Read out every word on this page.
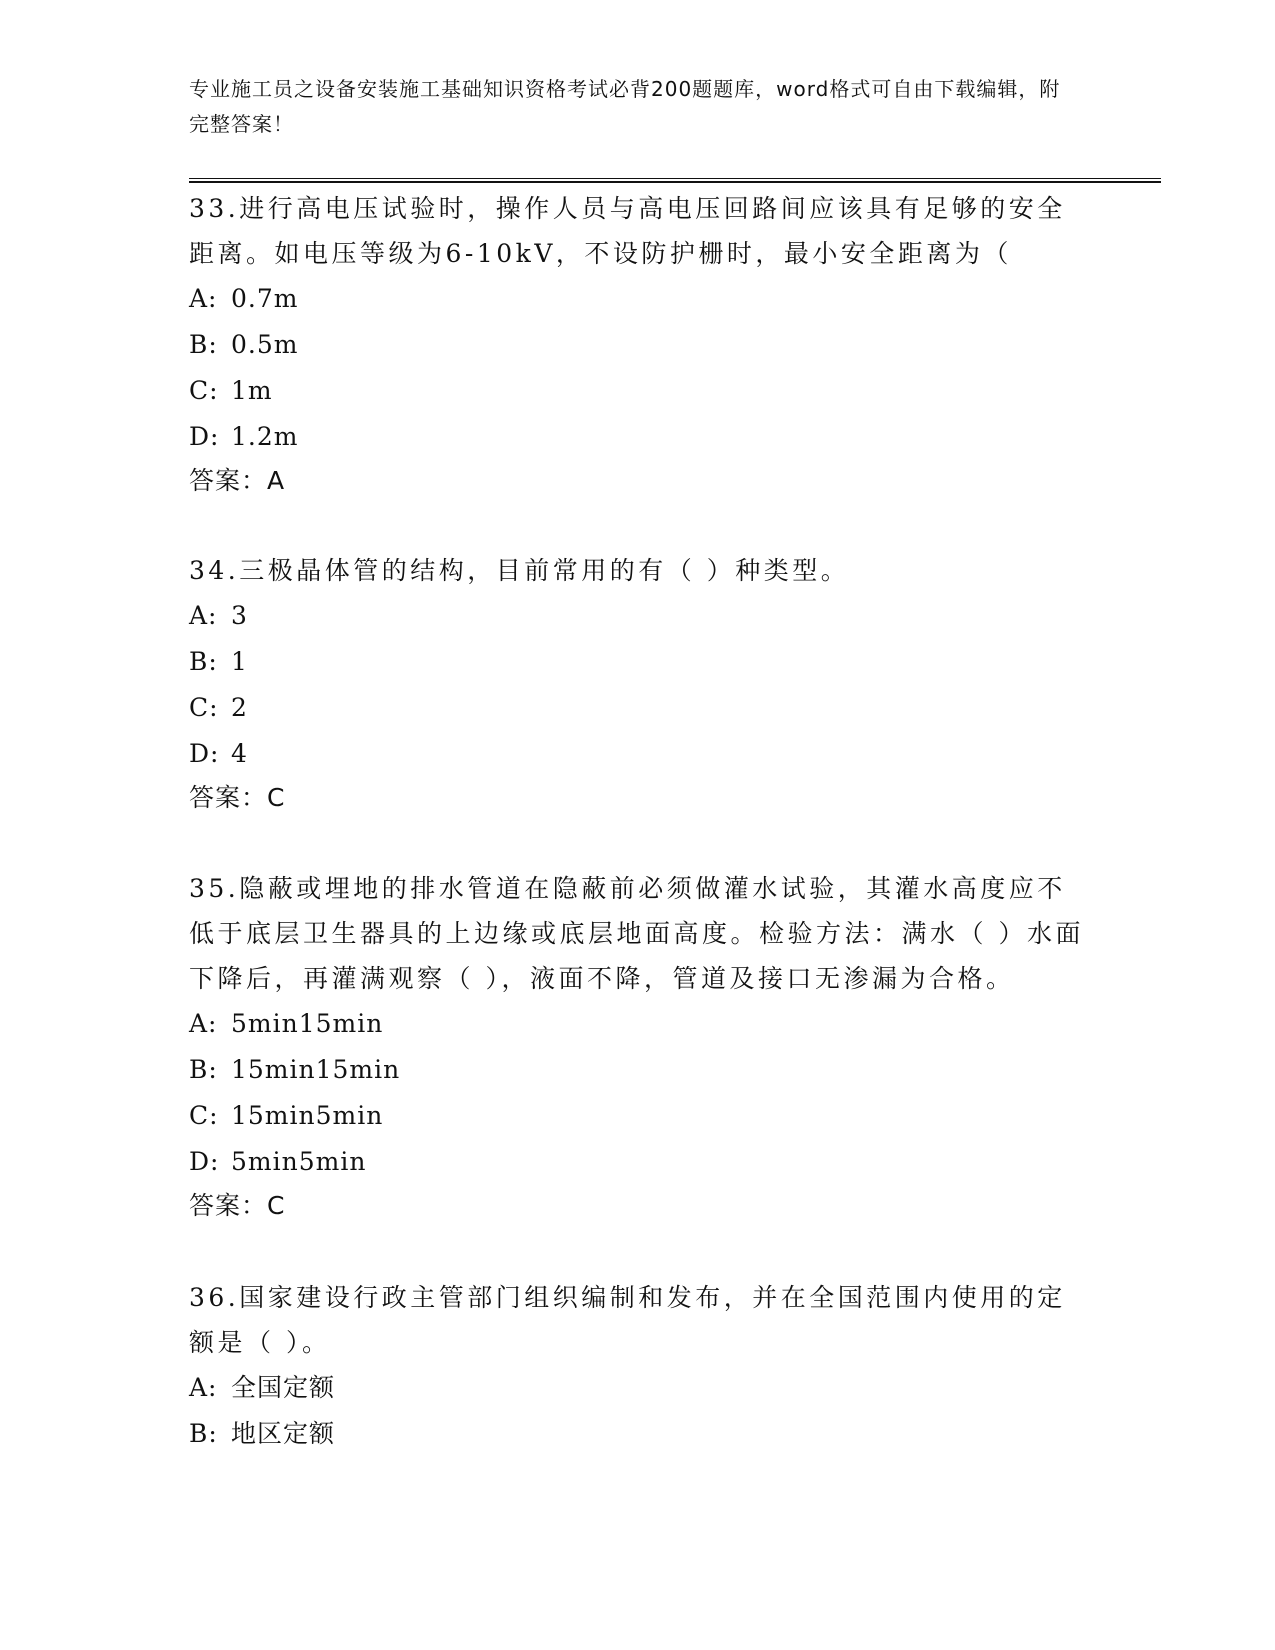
专业施工员之设备安装施工基础知识资格考试必背200题题库，word格式可自由下载编辑，附完整答案！
33.进行高电压试验时，操作人员与高电压回路间应该具有足够的安全距离。如电压等级为6-10kV，不设防护栅时，最小安全距离为（
A: 0.7m
B: 0.5m
C: 1m
D: 1.2m
答案：A
34.三极晶体管的结构，目前常用的有（ ）种类型。
A: 3
B: 1
C: 2
D: 4
答案：C
35.隐蔽或埋地的排水管道在隐蔽前必须做灌水试验，其灌水高度应不低于底层卫生器具的上边缘或底层地面高度。检验方法：满水（ ）水面下降后，再灌满观察（ ），液面不降，管道及接口无渗漏为合格。
A: 5min15min
B: 15min15min
C: 15min5min
D: 5min5min
答案：C
36.国家建设行政主管部门组织编制和发布，并在全国范围内使用的定额是（ ）。
A: 全国定额
B: 地区定额
